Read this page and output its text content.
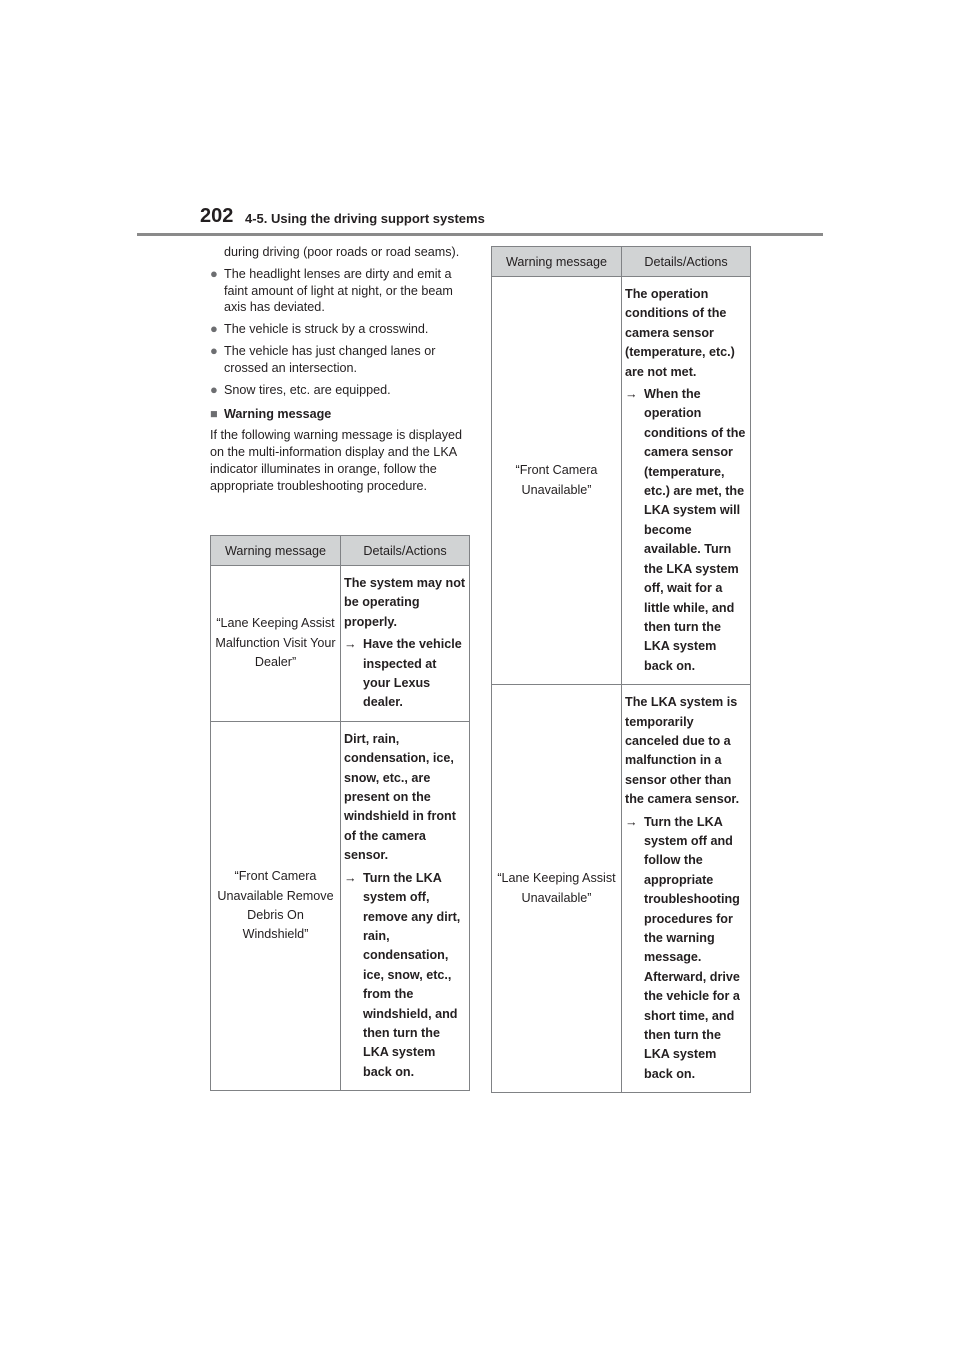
202 4-5. Using the driving support systems
during driving (poor roads or road seams).
● The headlight lenses are dirty and emit a faint amount of light at night, or the beam axis has deviated.
● The vehicle is struck by a crosswind.
● The vehicle has just changed lanes or crossed an intersection.
● Snow tires, etc. are equipped.
■ Warning message
If the following warning message is displayed on the multi-information display and the LKA indicator illuminates in orange, follow the appropriate troubleshooting procedure.
Warning message	Details/Actions
“Lane Keeping Assist Malfunction Visit Your Dealer”	The system may not be operating properly.
→ Have the vehicle inspected at your Lexus dealer.

“Front Camera Unavailable Remove Debris On Windshield”	Dirt, rain, condensation, ice, snow, etc., are present on the windshield in front of the camera sensor.
→ Turn the LKA system off, remove any dirt, rain, condensation, ice, snow, etc., from the windshield, and then turn the LKA system back on.
Warning message	Details/Actions
“Front Camera Unavailable”	The operation conditions of the camera sensor (temperature, etc.) are not met.
→ When the operation conditions of the camera sensor (temperature, etc.) are met, the LKA system will become available. Turn the LKA system off, wait for a little while, and then turn the LKA system back on.

“Lane Keeping Assist Unavailable”	The LKA system is temporarily canceled due to a malfunction in a sensor other than the camera sensor.
→ Turn the LKA system off and follow the appropriate troubleshooting procedures for the warning message. Afterward, drive the vehicle for a short time, and then turn the LKA system back on.
